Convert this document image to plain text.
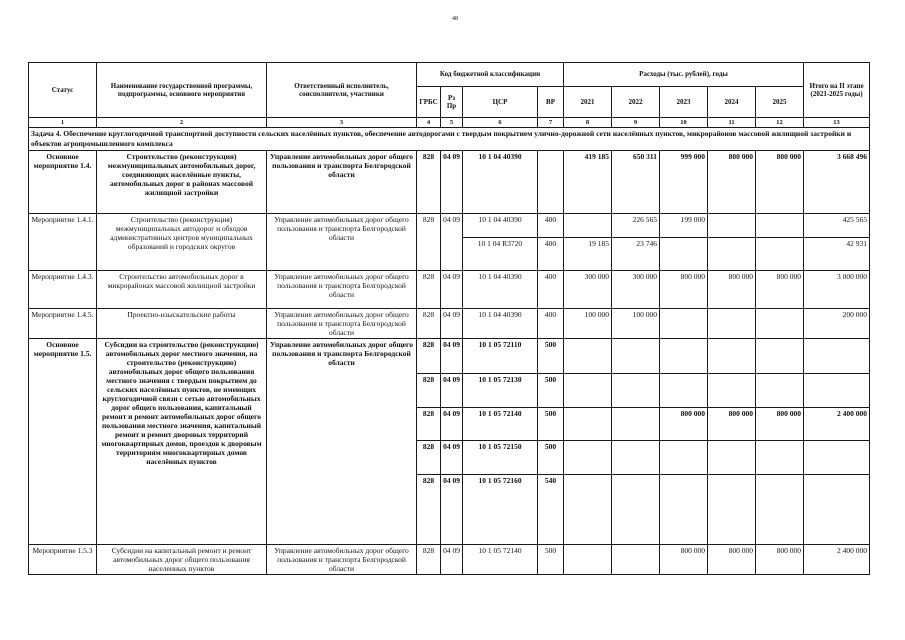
48
Статус	Наименование государственной программы, подпрограммы, основного мероприятия	Ответственный исполнитель, соисполнители, участники	Код бюджетной классификации				Расходы (тыс. рублей), годы					Итого на II этапе (2021-2025 годы)
			ГРБС	Рз Пр	ЦСР	ВР	2021	2022	2023	2024	2025	
1	2	3	4	5	6	7	8	9	10	11	12	13
Задача 4. Обеспечение круглогодичной транспортной доступности сельских населённых пунктов, обеспечение автодорогами с твердым покрытием улично-дорожной сети населённых пунктов, микрорайонов массовой жилищной застройки и объектов агропромышленного комплекса												
Основное мероприятие 1.4.	Строительство (реконструкция) межмуниципальных автомобильных дорог, соединяющих населённые пункты, автомобильных дорог в районах массовой жилищной застройки	Управление автомобильных дорог общего пользования и транспорта Белгородской области	828	04 09	10 1 04 40390		419 185	650 311	999 000	800 000	800 000	3 668 496
Мероприятие 1.4.1.	Строительство (реконструкция) межмуниципальных автодорог и обходов административных центров муниципальных образований и городских округов	Управление автомобильных дорог общего пользования и транспорта Белгородской области	828	04 09	10 1 04 40390	400		226 565	199 000			425 565
					10 1 04 R3720	400	19 185	23 746				42 931
Мероприятие 1.4.3.	Строительство автомобильных дорог в микрорайонах массовой жилищной застройки	Управление автомобильных дорог общего пользования и транспорта Белгородской области	828	04 09	10 1 04 40390	400	300 000	300 000	800 000	800 000	800 000	3 000 000
Мероприятие 1.4.5.	Проектно-изыскательские работы	Управление автомобильных дорог общего пользования и транспорта Белгородской области	828	04 09	10 1 04 40390	400	100 000	100 000				200 000
Основное мероприятие 1.5.	Субсидии на строительство (реконструкцию) автомобильных дорог местного значения, на строительство (реконструкцию) автомобильных дорог общего пользования местного значения с твердым покрытием до сельских населённых пунктов, не имеющих круглогодичной связи с сетью автомобильных дорог общего пользования, капитальный ремонт и ремонт автомобильных дорог общего пользования местного значения, капитальный ремонт и ремонт дворовых территорий многоквартирных домов, проездов к дворовым территориям многоквартирных домов населённых пунктов	Управление автомобильных дорог общего пользования и транспорта Белгородской области	828	04 09	10 1 05 72110	500						
			828	04 09	10 1 05 72130	500						
			828	04 09	10 1 05 72140	500			800 000	800 000	800 000	2 400 000
			828	04 09	10 1 05 72150	500						
			828	04 09	10 1 05 72160	540						
Мероприятие 1.5.3	Субсидии на капитальный ремонт и ремонт автомобильных дорог общего пользования населенных пунктов	Управление автомобильных дорог общего пользования и транспорта Белгородской области	828	04 09	10 1 05 72140	500			800 000	800 000	800 000	2 400 000
